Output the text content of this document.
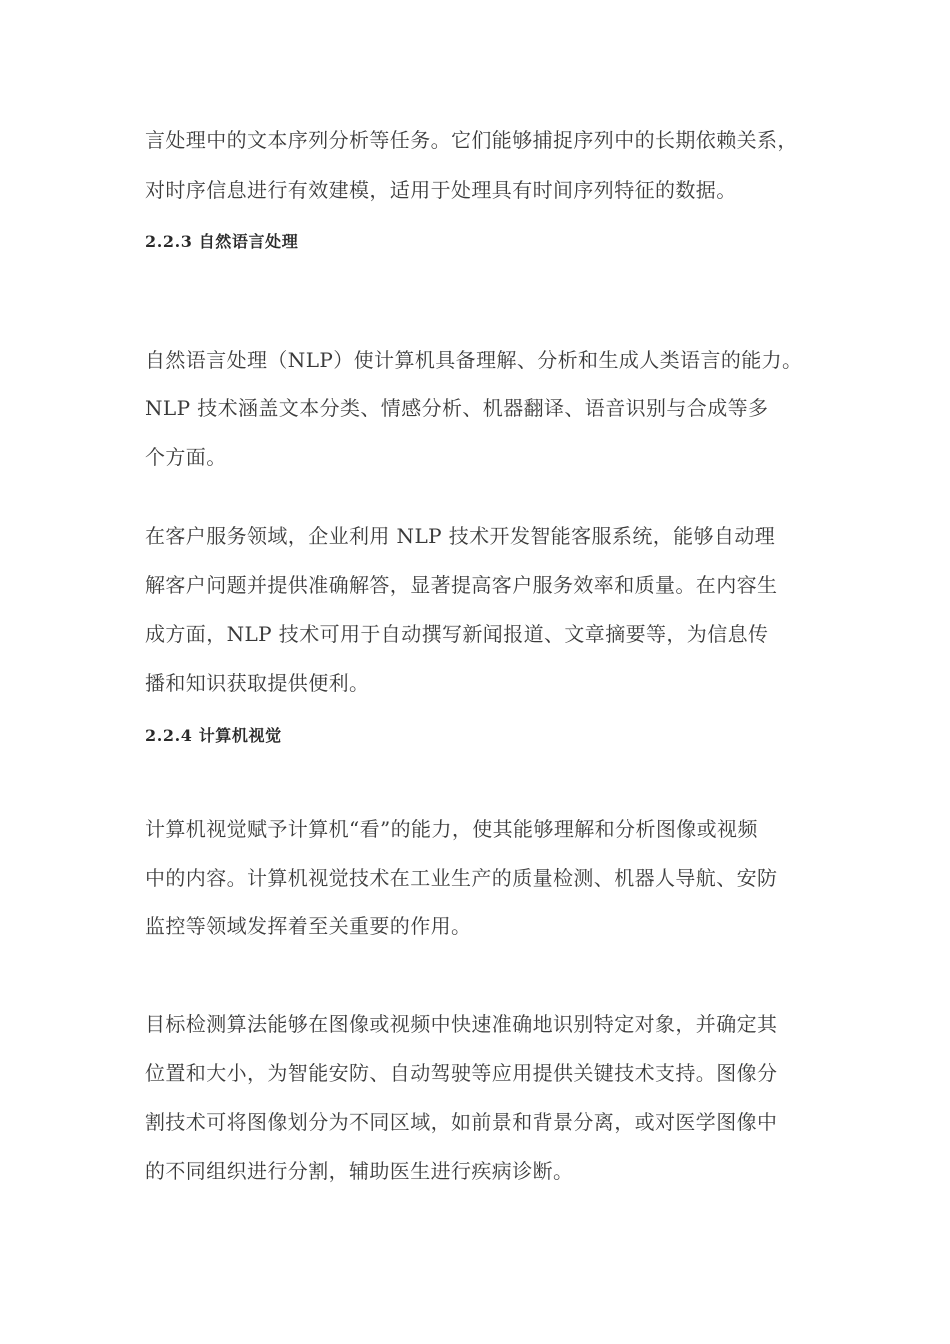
言处理中的文本序列分析等任务。它们能够捕捉序列中的长期依赖关系，
对时序信息进行有效建模，适用于处理具有时间序列特征的数据。
2.2.3 自然语言处理
自然语言处理（NLP）使计算机具备理解、分析和生成人类语言的能力。
NLP 技术涵盖文本分类、情感分析、机器翻译、语音识别与合成等多
个方面。
在客户服务领域，企业利用 NLP 技术开发智能客服系统，能够自动理
解客户问题并提供准确解答，显著提高客户服务效率和质量。在内容生
成方面，NLP 技术可用于自动撰写新闻报道、文章摘要等，为信息传
播和知识获取提供便利。
2.2.4 计算机视觉
计算机视觉赋予计算机“看”的能力，使其能够理解和分析图像或视频
中的内容。计算机视觉技术在工业生产的质量检测、机器人导航、安防
监控等领域发挥着至关重要的作用。
目标检测算法能够在图像或视频中快速准确地识别特定对象，并确定其
位置和大小，为智能安防、自动驾驶等应用提供关键技术支持。图像分
割技术可将图像划分为不同区域，如前景和背景分离，或对医学图像中
的不同组织进行分割，辅助医生进行疾病诊断。
